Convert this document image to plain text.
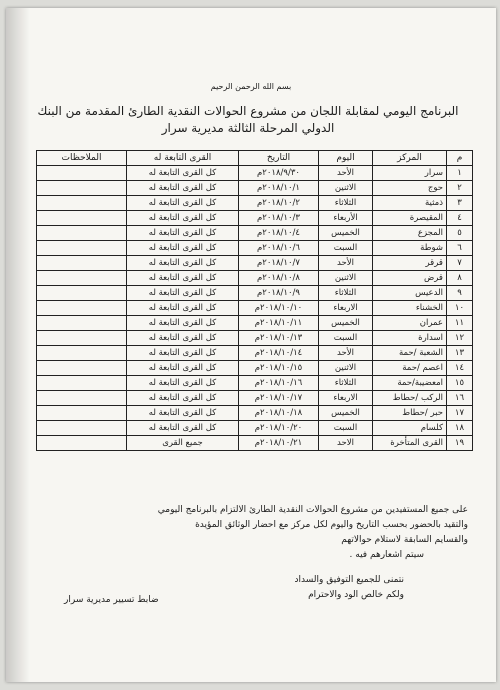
بسم الله الرحمن الرحيم
البرنامج اليومي لمقابلة اللجان من مشروع الحوالات النقدية الطارئ المقدمة من البنك
الدولي المرحلة الثالثة مديرية سرار
م	المركز	اليوم	التاريخ	القرى التابعة له	الملاحظات
١	سرار	الأحد	٢٠١٨/٩/٣٠م	كل القرى التابعة له	
٢	حوج	الاثنين	٢٠١٨/١٠/١م	كل القرى التابعة له	
٣	ذمثية	الثلاثاء	٢٠١٨/١٠/٢م	كل القرى التابعة له	
٤	المقيصرة	الأربعاء	٢٠١٨/١٠/٣م	كل القرى التابعة له	
٥	المجزع	الخميس	٢٠١٨/١٠/٤م	كل القرى التابعة له	
٦	شوطة	السبت	٢٠١٨/١٠/٦م	كل القرى التابعة له	
٧	قرقر	الأحد	٢٠١٨/١٠/٧م	كل القرى التابعة له	
٨	قرض	الاثنين	٢٠١٨/١٠/٨م	كل القرى التابعة له	
٩	الدعيس	الثلاثاء	٢٠١٨/١٠/٩م	كل القرى التابعة له	
١٠	الخشناء	الاربعاء	٢٠١٨/١٠/١٠م	كل القرى التابعة له	
١١	عمران	الخميس	٢٠١٨/١٠/١١م	كل القرى التابعة له	
١٢	اسدارة	السبت	٢٠١٨/١٠/١٣م	كل القرى التابعة له	
١٣	الشعبة /حمة	الأحد	٢٠١٨/١٠/١٤م	كل القرى التابعة له	
١٤	اعصم /حمة	الاثنين	٢٠١٨/١٠/١٥م	كل القرى التابعة له	
١٥	امعضيبة/حمة	الثلاثاء	٢٠١٨/١٠/١٦م	كل القرى التابعة له	
١٦	الركب /حطاط	الاربعاء	٢٠١٨/١٠/١٧م	كل القرى التابعة له	
١٧	حبر /حطاط	الخميس	٢٠١٨/١٠/١٨م	كل القرى التابعة له	
١٨	كلسام	السبت	٢٠١٨/١٠/٢٠م	كل القرى التابعة له	
١٩	القرى المتأخرة	الاحد	٢٠١٨/١٠/٢١م	جميع القرى	
على جميع المستفيدين من مشروع الحوالات النقدية الطارئ الالتزام بالبرنامج اليومي
والتقيد بالحضور بحسب التاريخ واليوم لكل مركز مع احضار الوثائق المؤيدة
والقسايم السابقة لاستلام حوالاتهم
سيتم اشعارهم فيه .
نتمنى للجميع التوفيق والسداد
ولكم خالص الود والاحترام
ضابط تسيير مديرية سرار
